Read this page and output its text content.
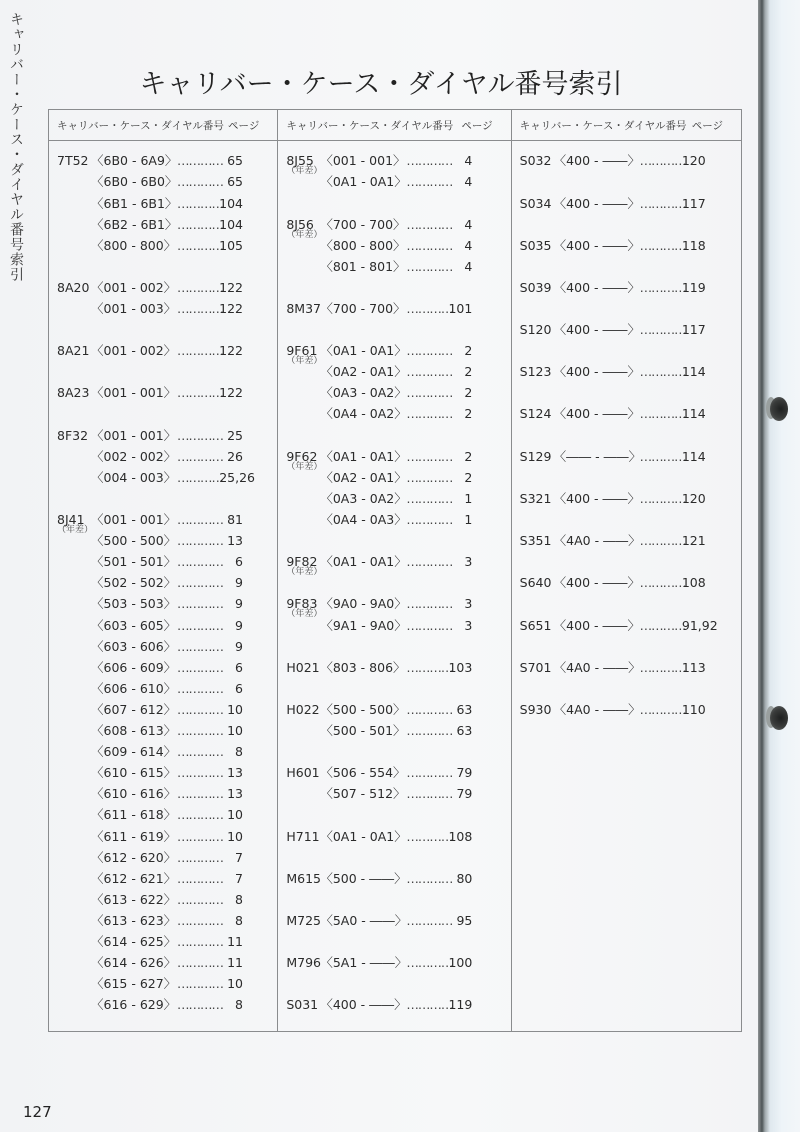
キャリバー・ケース・ダイヤル番号索引	キャリバー・ケース・ダイヤル番号索引
キャリバー・ケース・ダイヤル番号 ページ
7T52 〈6B0 - 6A9〉 ………… 65
〈6B0 - 6B0〉 ………… 65
〈6B1 - 6B1〉 …………
104
〈6B2 - 6B1〉 …………
104
〈800 - 800〉 …………
105
8A20 〈001 - 002〉 …………
122
〈001 - 003〉 …………
122
8A21 〈001 - 002〉 …………
122
8A23 〈001 - 001〉 …………
122
8F32 〈001 - 001〉 ………… 25
〈002 - 002〉 ………… 26
〈004 - 003〉 …………
25,26
8J41
（年差）
〈001 - 001〉 ………… 81
〈500 - 500〉 ………… 13
〈501 - 501〉 ………… 6
〈502 - 502〉 ………… 9
〈503 - 503〉 ………… 9
〈603 - 605〉 ………… 9
〈603 - 606〉 ………… 9
〈606 - 609〉 ………… 6
〈606 - 610〉 ………… 6
〈607 - 612〉 ………… 10
〈608 - 613〉 ………… 10
〈609 - 614〉 ………… 8
〈610 - 615〉 ………… 13
〈610 - 616〉 ………… 13
〈611 - 618〉 ………… 10
〈611 - 619〉 ………… 10
〈612 - 620〉 ………… 7
〈612 - 621〉 ………… 7
〈613 - 622〉 ………… 8
〈613 - 623〉 ………… 8
〈614 - 625〉 ………… 11
〈614 - 626〉 ………… 11
〈615 - 627〉 ………… 10
〈616 - 629〉 ………… 8
キャリバー・ケース・ダイヤル番号 ページ
8J55
（年差）
〈001 - 001〉 ………… 4
〈0A1 - 0A1〉 ………… 4
8J56
（年差）
〈700 - 700〉 ………… 4
〈800 - 800〉 ………… 4
〈801 - 801〉 ………… 4
8M37 〈700 - 700〉 …………
101
9F61
（年差）
〈0A1 - 0A1〉 ………… 2
〈0A2 - 0A1〉 ………… 2
〈0A3 - 0A2〉 ………… 2
〈0A4 - 0A2〉 ………… 2
9F62
（年差）
〈0A1 - 0A1〉 ………… 2
〈0A2 - 0A1〉 ………… 2
〈0A3 - 0A2〉 ………… 1
〈0A4 - 0A3〉 ………… 1
9F82
（年差）
〈0A1 - 0A1〉 ………… 3
9F83
（年差）
〈9A0 - 9A0〉 ………… 3
〈9A1 - 9A0〉 ………… 3
H021 〈803 - 806〉 …………
103
H022 〈500 - 500〉 ………… 63
〈500 - 501〉 ………… 63
H601 〈506 - 554〉 ………… 79
〈507 - 512〉 ………… 79
H711 〈0A1 - 0A1〉 …………
108
M615 〈500 - ――〉 ………… 80
M725 〈5A0 - ――〉 ………… 95
M796 〈5A1 - ――〉 …………
100
S031 〈400 - ――〉 …………
119
キャリバー・ケース・ダイヤル番号 ページ
S032 〈400 - ――〉 …………
120
S034 〈400 - ――〉 …………
117
S035 〈400 - ――〉 …………
118
S039 〈400 - ――〉 …………
119
S120 〈400 - ――〉 …………
117
S123 〈400 - ――〉 …………
114
S124 〈400 - ――〉 …………
114
S129 〈―― - ――〉
…………
114
S321 〈400 - ――〉 …………
120
S351 〈4A0 - ――〉 …………
121
S640 〈400 - ――〉 …………
108
S651 〈400 - ――〉 …………
91,92
S701 〈4A0 - ――〉 …………
113
S930 〈4A0 - ――〉 …………
110
127
